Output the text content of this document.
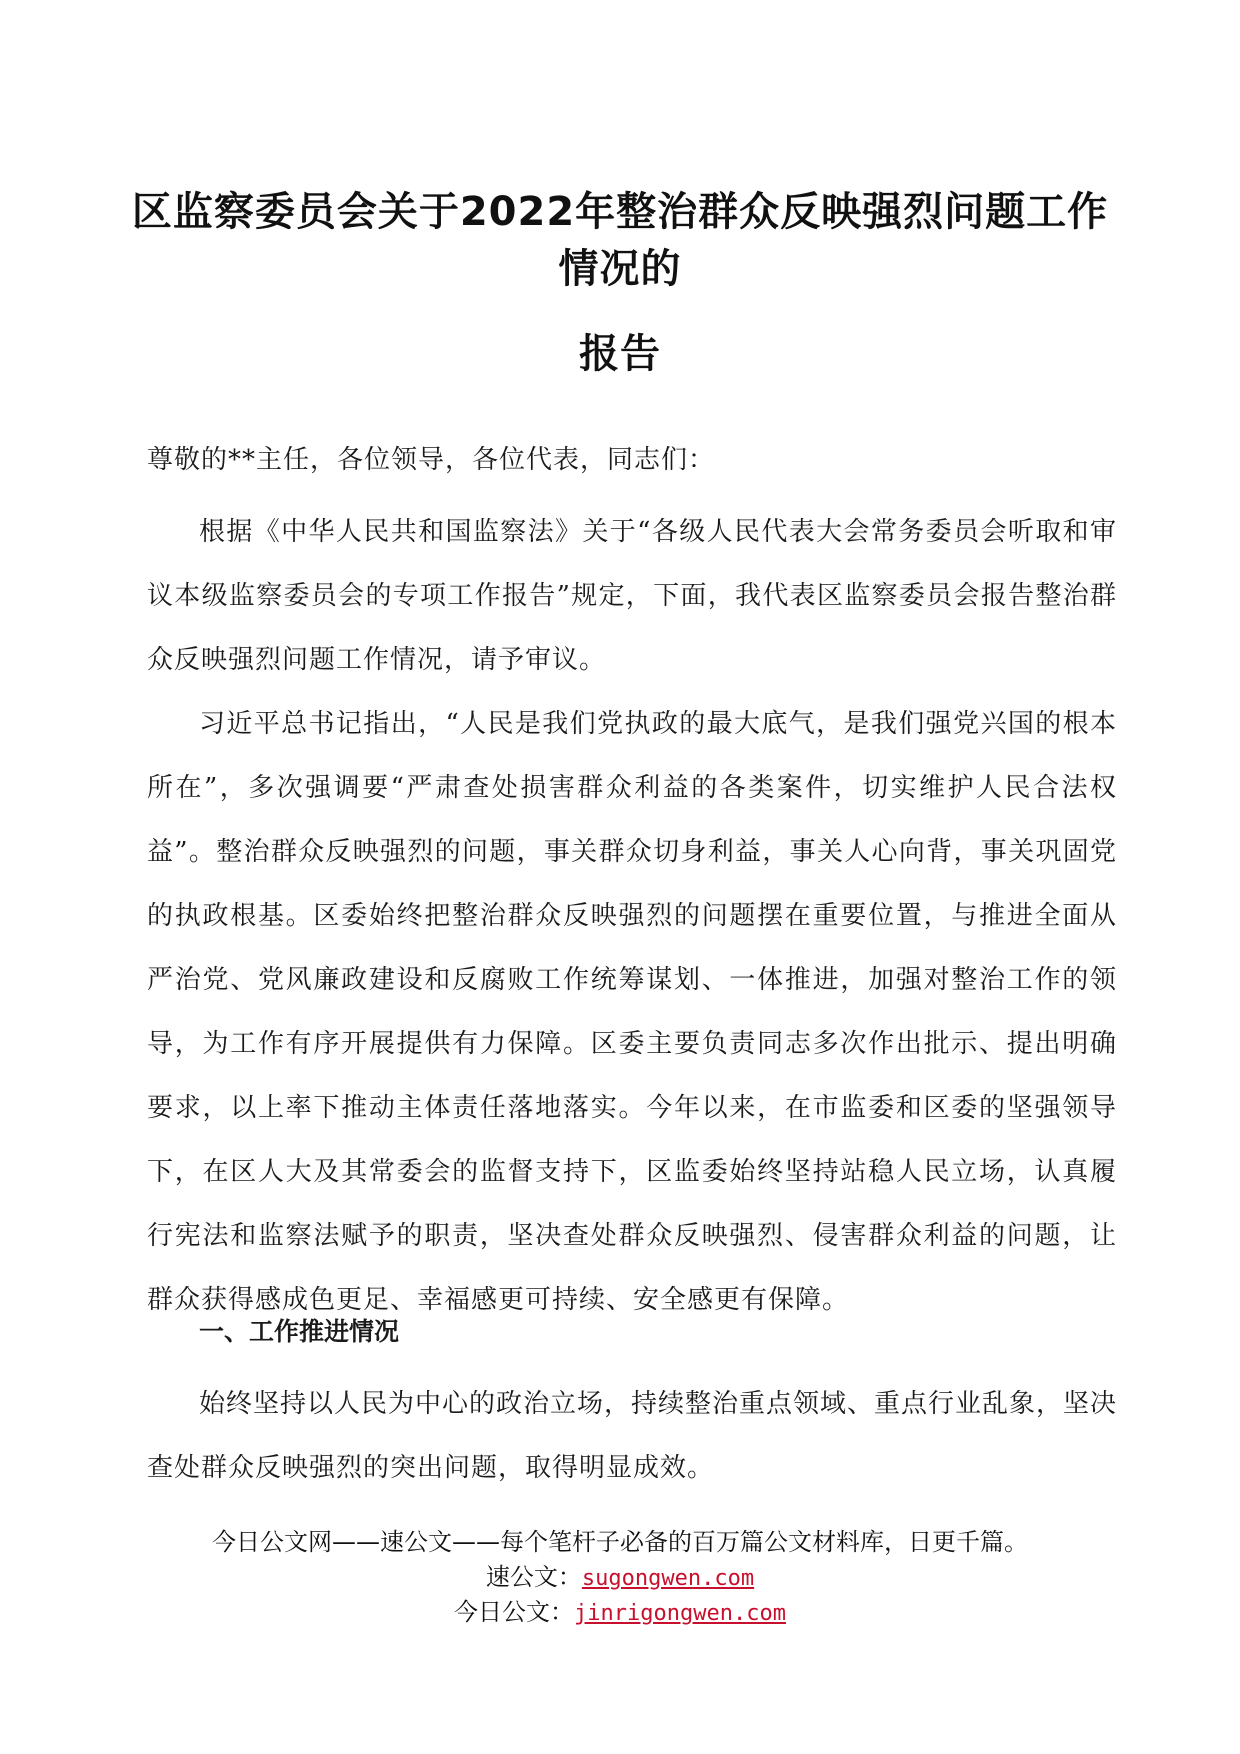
区监察委员会关于2022年整治群众反映强烈问题工作情况的
报告
尊敬的**主任，各位领导，各位代表，同志们：
根据《中华人民共和国监察法》关于“各级人民代表大会常务委员会听取和审议本级监察委员会的专项工作报告”规定，下面，我代表区监察委员会报告整治群众反映强烈问题工作情况，请予审议。
习近平总书记指出，“人民是我们党执政的最大底气，是我们强党兴国的根本所在”，多次强调要“严肃查处损害群众利益的各类案件，切实维护人民合法权益”。整治群众反映强烈的问题，事关群众切身利益，事关人心向背，事关巩固党的执政根基。区委始终把整治群众反映强烈的问题摆在重要位置，与推进全面从严治党、党风廉政建设和反腐败工作统筹谋划、一体推进，加强对整治工作的领导，为工作有序开展提供有力保障。区委主要负责同志多次作出批示、提出明确要求，以上率下推动主体责任落地落实。今年以来，在市监委和区委的坚强领导下，在区人大及其常委会的监督支持下，区监委始终坚持站稳人民立场，认真履行宪法和监察法赋予的职责，坚决查处群众反映强烈、侵害群众利益的问题，让群众获得感成色更足、幸福感更可持续、安全感更有保障。
一、工作推进情况
始终坚持以人民为中心的政治立场，持续整治重点领域、重点行业乱象，坚决查处群众反映强烈的突出问题，取得明显成效。
今日公文网——速公文——每个笔杆子必备的百万篇公文材料库，日更千篇。
速公文：sugongwen.com
今日公文：jinrigongwen.com
